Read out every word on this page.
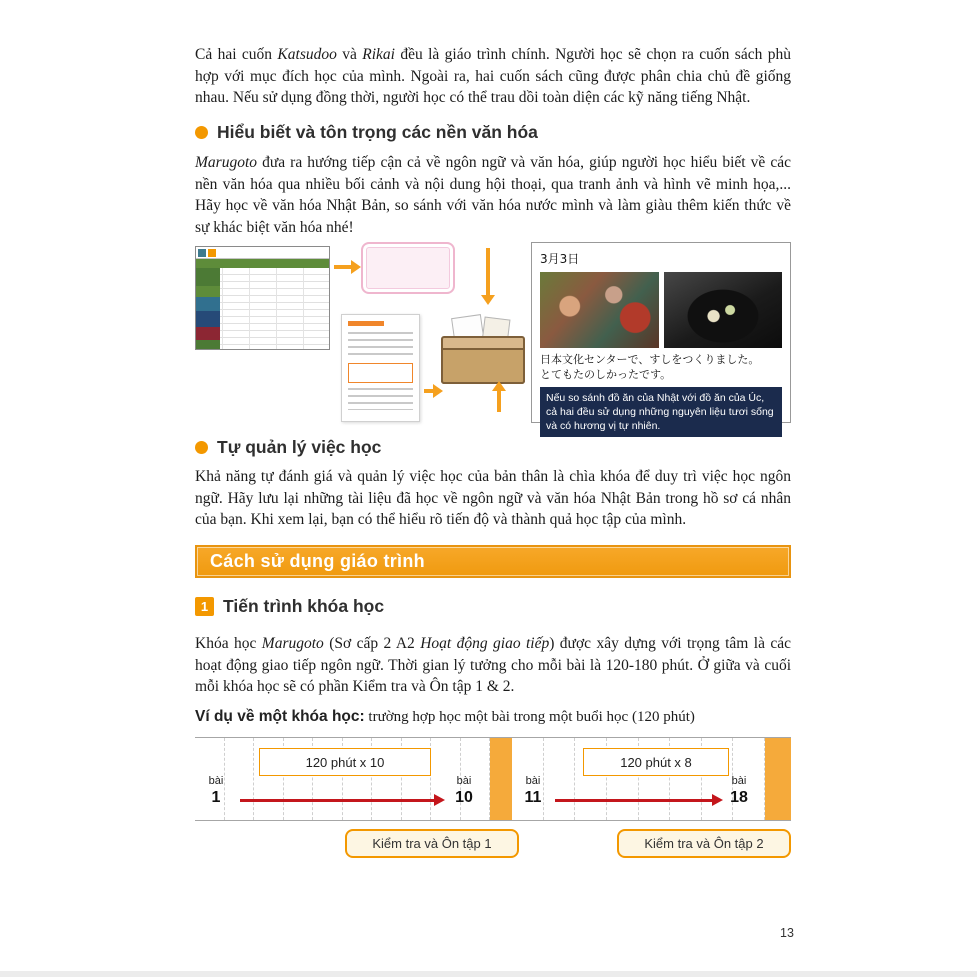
Cả hai cuốn Katsudoo và Rikai đều là giáo trình chính. Người học sẽ chọn ra cuốn sách phù hợp với mục đích học của mình. Ngoài ra, hai cuốn sách cũng được phân chia chủ đề giống nhau. Nếu sử dụng đồng thời, người học có thể trau dồi toàn diện các kỹ năng tiếng Nhật.

Hiểu biết và tôn trọng các nền văn hóa

Marugoto đưa ra hướng tiếp cận cả về ngôn ngữ và văn hóa, giúp người học hiểu biết về các nền văn hóa qua nhiều bối cảnh và nội dung hội thoại, qua tranh ảnh và hình vẽ minh họa,... Hãy học về văn hóa Nhật Bản, so sánh với văn hóa nước mình và làm giàu thêm kiến thức về sự khác biệt văn hóa nhé!

3月3日
日本文化センターで、すしをつくりました。
とてもたのしかったです。
Nếu so sánh đồ ăn của Nhật với đồ ăn của Úc, cả hai đều sử dụng những nguyên liệu tươi sống và có hương vị tự nhiên.
Tự quản lý việc học

Khả năng tự đánh giá và quản lý việc học của bản thân là chìa khóa để duy trì việc học ngôn ngữ. Hãy lưu lại những tài liệu đã học về ngôn ngữ và văn hóa Nhật Bản trong hồ sơ cá nhân của bạn. Khi xem lại, bạn có thể hiểu rõ tiến độ và thành quả học tập của mình.

Cách sử dụng giáo trình
1 Tiến trình khóa học

Khóa học Marugoto (Sơ cấp 2 A2 Hoạt động giao tiếp) được xây dựng với trọng tâm là các hoạt động giao tiếp ngôn ngữ. Thời gian lý tưởng cho mỗi bài là 120-180 phút. Ở giữa và cuối mỗi khóa học sẽ có phần Kiểm tra và Ôn tập 1 & 2.

Ví dụ về một khóa học: trường hợp học một bài trong một buổi học (120 phút)

120 phút x 10	120 phút x 8
bài
1
bài
10
bài
11
bài
18
Kiểm tra và Ôn tập 1	Kiểm tra và Ôn tập 2
13
